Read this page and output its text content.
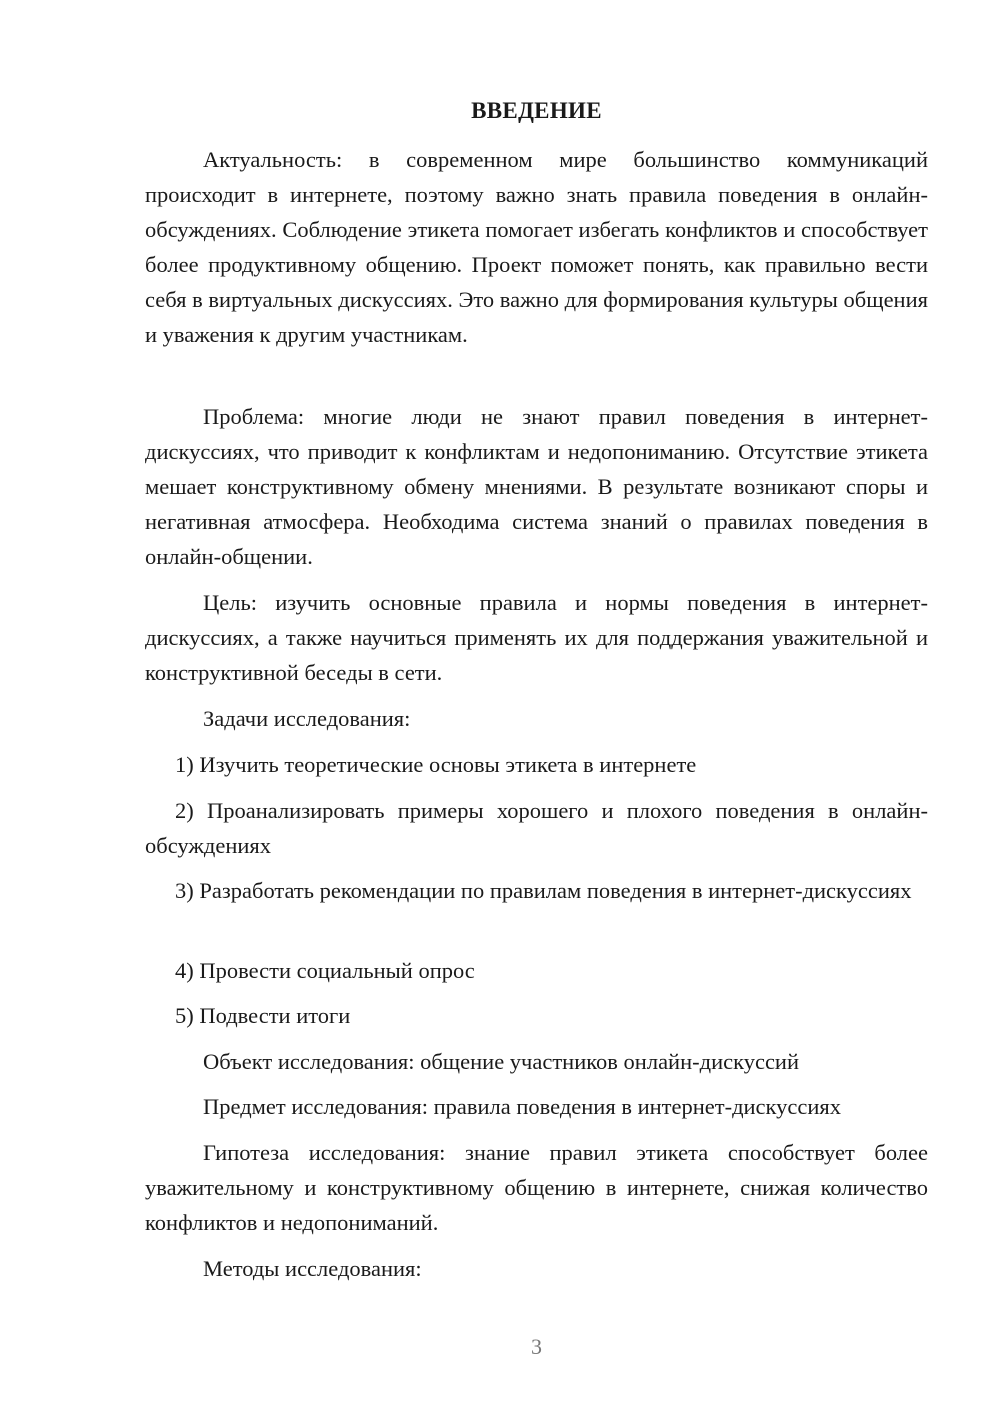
ВВЕДЕНИЕ

Актуальность: в современном мире большинство коммуникаций происходит в интернете, поэтому важно знать правила поведения в онлайн-обсуждениях. Соблюдение этикета помогает избегать конфликтов и способствует более продуктивному общению. Проект поможет понять, как правильно вести себя в виртуальных дискуссиях. Это важно для формирования культуры общения и уважения к другим участникам.

Проблема: многие люди не знают правил поведения в интернет-дискуссиях, что приводит к конфликтам и недопониманию. Отсутствие этикета мешает конструктивному обмену мнениями. В результате возникают споры и негативная атмосфера. Необходима система знаний о правилах поведения в онлайн-общении.

Цель: изучить основные правила и нормы поведения в интернет-дискуссиях, а также научиться применять их для поддержания уважительной и конструктивной беседы в сети.

Задачи исследования:

1) Изучить теоретические основы этикета в интернете

2) Проанализировать примеры хорошего и плохого поведения в онлайн-обсуждениях

3) Разработать рекомендации по правилам поведения в интернет-дискуссиях

4) Провести социальный опрос

5) Подвести итоги

Объект исследования: общение участников онлайн-дискуссий

Предмет исследования: правила поведения в интернет-дискуссиях

Гипотеза исследования: знание правил этикета способствует более уважительному и конструктивному общению в интернете, снижая количество конфликтов и недопониманий.

Методы исследования:

3
